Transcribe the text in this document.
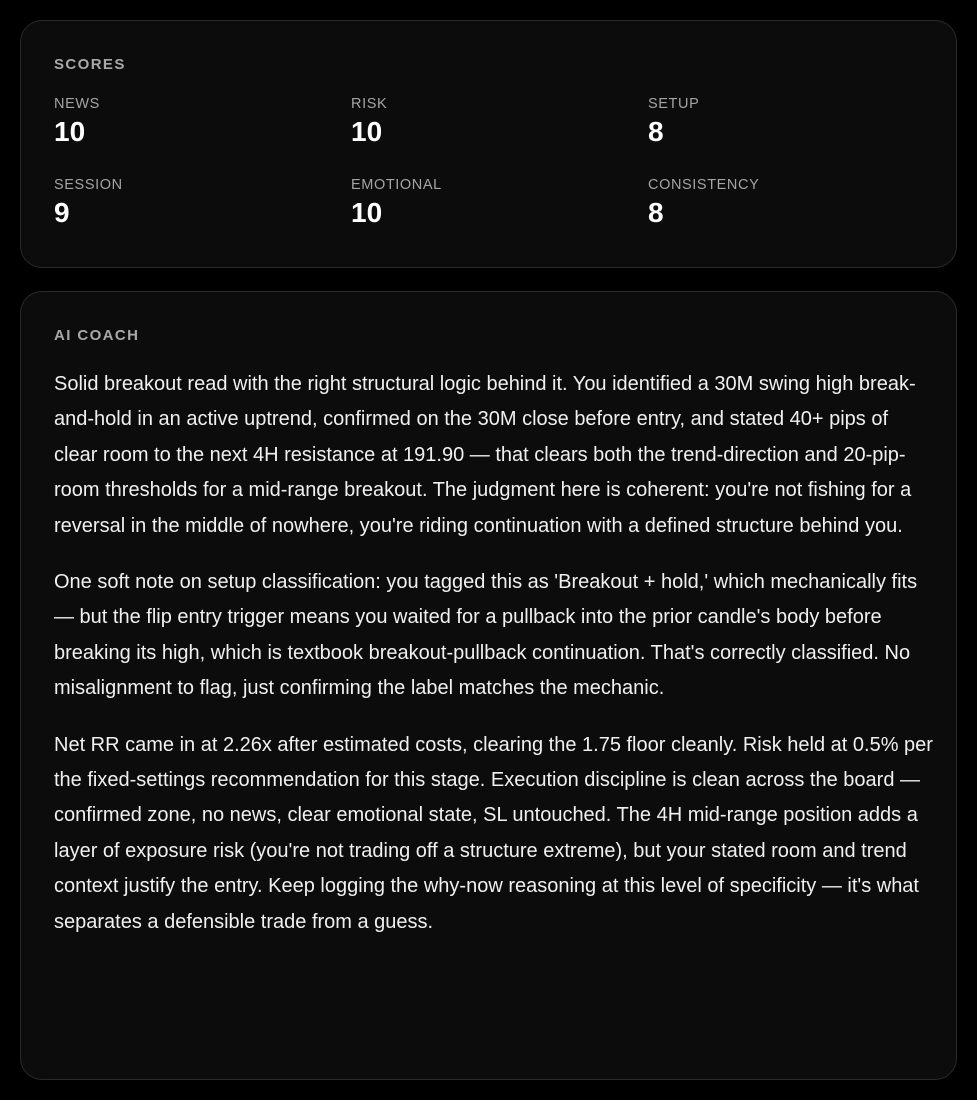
SCORES
NEWS
10
RISK
10
SETUP
8
SESSION
9
EMOTIONAL
10
CONSISTENCY
8
AI COACH

Solid breakout read with the right structural logic behind it. You identified a 30M swing high break-and-hold in an active uptrend, confirmed on the 30M close before entry, and stated 40+ pips of clear room to the next 4H resistance at 191.90 — that clears both the trend-direction and 20-pip-room thresholds for a mid-range breakout. The judgment here is coherent: you're not fishing for a reversal in the middle of nowhere, you're riding continuation with a defined structure behind you.

One soft note on setup classification: you tagged this as 'Breakout + hold,' which mechanically fits — but the flip entry trigger means you waited for a pullback into the prior candle's body before breaking its high, which is textbook breakout-pullback continuation. That's correctly classified. No misalignment to flag, just confirming the label matches the mechanic.

Net RR came in at 2.26x after estimated costs, clearing the 1.75 floor cleanly. Risk held at 0.5% per the fixed-settings recommendation for this stage. Execution discipline is clean across the board — confirmed zone, no news, clear emotional state, SL untouched. The 4H mid-range position adds a layer of exposure risk (you're not trading off a structure extreme), but your stated room and trend context justify the entry. Keep logging the why-now reasoning at this level of specificity — it's what separates a defensible trade from a guess.
